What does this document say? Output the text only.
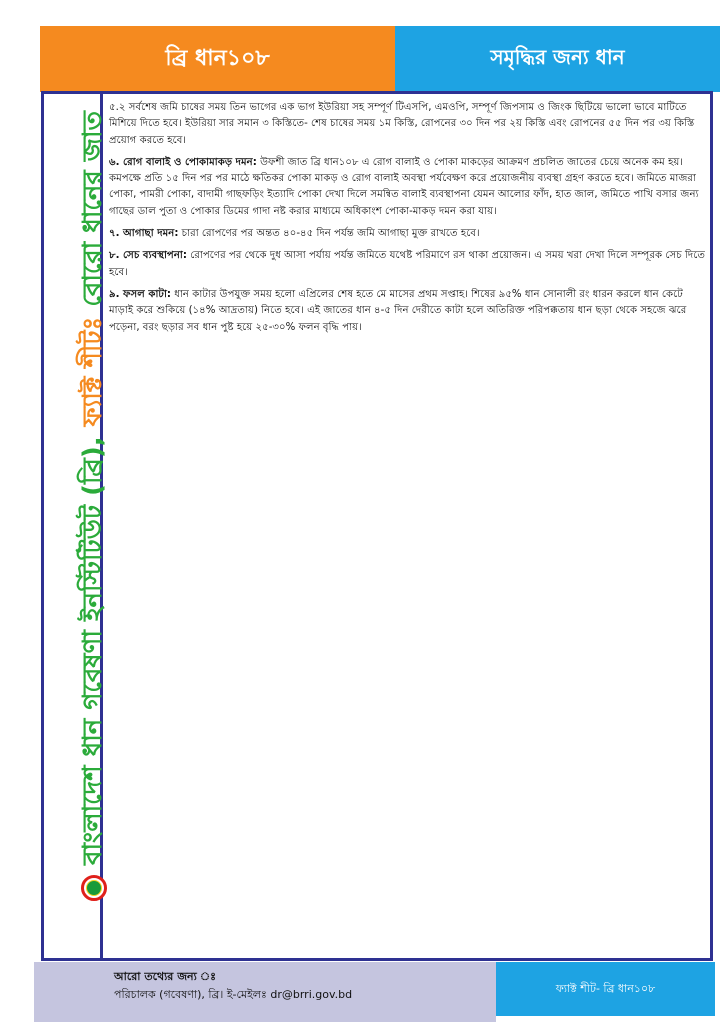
ব্রি ধান১০৮	সমৃদ্ধির জন্য ধান
বাংলাদেশ ধান গবেষণা ইনস্টিটিউট (ব্রি),
ফ্যাক্ট শীটঃ
বোরো ধানের জাত

৫.২ সর্বশেষ জমি চাষের সময় তিন ভাগের এক ভাগ ইউরিয়া সহ সম্পূর্ণ টিএসপি, এমওপি, সম্পূর্ণ জিপসাম ও জিংক ছিটিয়ে ভালো ভাবে মাটিতে মিশিয়ে দিতে হবে। ইউরিয়া সার সমান ৩ কিস্তিতে- শেষ চাষের সময় ১ম কিস্তি, রোপনের ৩০ দিন পর ২য় কিস্তি এবং রোপনের ৫৫ দিন পর ৩য় কিস্তি প্রয়োগ করতে হবে।

৬. রোগ বালাই ও পোকামাকড় দমন: উফশী জাত ব্রি ধান১০৮ এ রোগ বালাই ও পোকা মাকড়ের আক্রমণ প্রচলিত জাতের চেয়ে অনেক কম হয়। কমপক্ষে প্রতি ১৫ দিন পর পর মাঠে ক্ষতিকর পোকা মাকড় ও রোগ বালাই অবস্থা পর্যবেক্ষণ করে প্রয়োজনীয় ব্যবস্থা গ্রহণ করতে হবে। জমিতে মাজরা পোকা, পামরী পোকা, বাদামী গাছফড়িং ইত্যাদি পোকা দেখা দিলে সমন্বিত বালাই ব্যবস্থাপনা যেমন আলোর ফাঁদ, হাত জাল, জমিতে পাখি বসার জন্য গাছের ডাল পুতা ও পোকার ডিমের গাদা নষ্ট করার মাধ্যমে অধিকাংশ পোকা-মাকড় দমন করা যায়।

৭. আগাছা দমন: চারা রোপণের পর অন্তত ৪০-৪৫ দিন পর্যন্ত জমি আগাছা মুক্ত রাখতে হবে।

৮. সেচ ব্যবস্থাপনা: রোপণের পর থেকে দুধ আসা পর্যায় পর্যন্ত জমিতে যথেষ্ট পরিমাণে রস থাকা প্রয়োজন। এ সময় খরা দেখা দিলে সম্পূরক সেচ দিতে হবে।

৯. ফসল কাটা: ধান কাটার উপযুক্ত সময় হলো এপ্রিলের শেষ হতে মে মাসের প্রথম সপ্তাহ। শিষের ৯৫% ধান সোনালী রং ধারন করলে ধান কেটে মাড়াই করে শুকিয়ে (১৪% আদ্রতায়) নিতে হবে। এই জাতের ধান ৪-৫ দিন দেরীতে কাটা হলে অতিরিক্ত পরিপক্কতায় ধান ছড়া থেকে সহজে ঝরে পড়েনা, বরং ছড়ার সব ধান পুষ্ট হয়ে ২৫-৩০% ফলন বৃদ্ধি পায়।

আরো তথ্যের জন্য ঃ
পরিচালক (গবেষণা), ব্রি। ই-মেইলঃ dr@brri.gov.bd	ফ্যাক্ট শীট- ব্রি ধান১০৮
